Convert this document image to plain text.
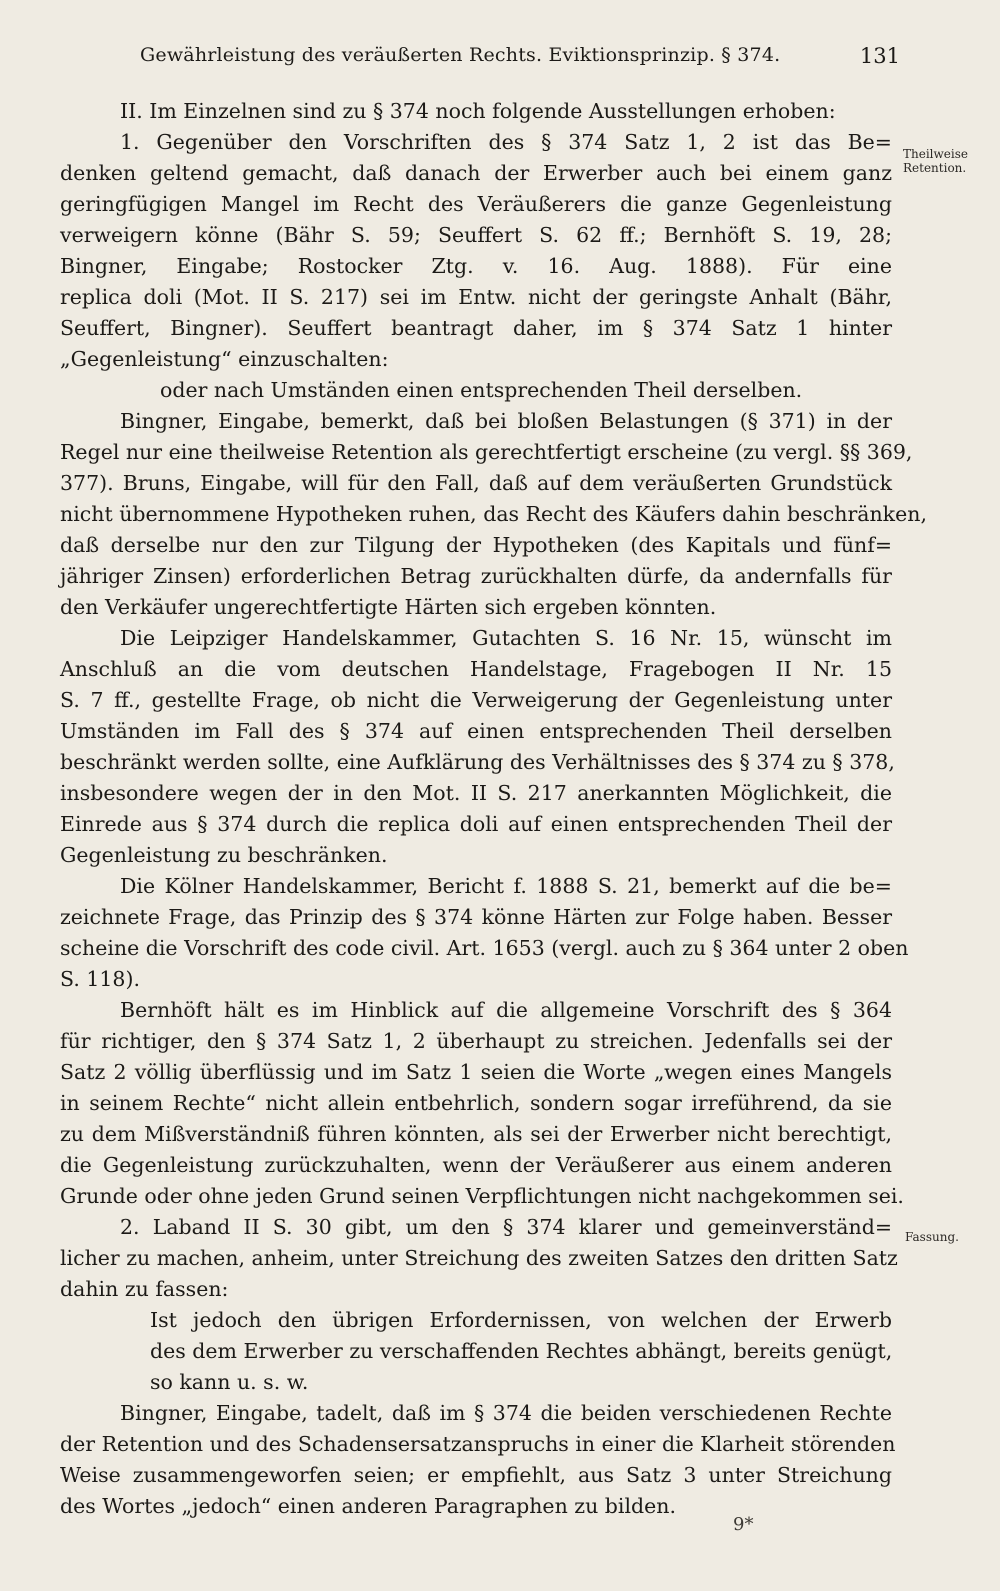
Gewährleistung des veräußerten Rechts. Eviktionsprinzip. § 374.	131
Theilweise
Retention.
Fassung.
II. Im Einzelnen sind zu § 374 noch folgende Ausstellungen erhoben:
1. Gegenüber den Vorschriften des § 374 Satz 1, 2 ist das Be=
denken geltend gemacht, daß danach der Erwerber auch bei einem ganz
geringfügigen Mangel im Recht des Veräußerers die ganze Gegenleistung
verweigern könne (Bähr S. 59; Seuffert S. 62 ff.; Bernhöft S. 19, 28;
Bingner, Eingabe; Rostocker Ztg. v. 16. Aug. 1888). Für eine
replica doli (Mot. II S. 217) sei im Entw. nicht der geringste Anhalt (Bähr,
Seuffert, Bingner). Seuffert beantragt daher, im § 374 Satz 1 hinter
„Gegenleistung“ einzuschalten:
oder nach Umständen einen entsprechenden Theil derselben.
Bingner, Eingabe, bemerkt, daß bei bloßen Belastungen (§ 371) in der
Regel nur eine theilweise Retention als gerechtfertigt erscheine (zu vergl. §§ 369,
377). Bruns, Eingabe, will für den Fall, daß auf dem veräußerten Grundstück
nicht übernommene Hypotheken ruhen, das Recht des Käufers dahin beschränken,
daß derselbe nur den zur Tilgung der Hypotheken (des Kapitals und fünf=
jähriger Zinsen) erforderlichen Betrag zurückhalten dürfe, da andernfalls für
den Verkäufer ungerechtfertigte Härten sich ergeben könnten.
Die Leipziger Handelskammer, Gutachten S. 16 Nr. 15, wünscht im
Anschluß an die vom deutschen Handelstage, Fragebogen II Nr. 15
S. 7 ff., gestellte Frage, ob nicht die Verweigerung der Gegenleistung unter
Umständen im Fall des § 374 auf einen entsprechenden Theil derselben
beschränkt werden sollte, eine Aufklärung des Verhältnisses des § 374 zu § 378,
insbesondere wegen der in den Mot. II S. 217 anerkannten Möglichkeit, die
Einrede aus § 374 durch die replica doli auf einen entsprechenden Theil der
Gegenleistung zu beschränken.
Die Kölner Handelskammer, Bericht f. 1888 S. 21, bemerkt auf die be=
zeichnete Frage, das Prinzip des § 374 könne Härten zur Folge haben. Besser
scheine die Vorschrift des code civil. Art. 1653 (vergl. auch zu § 364 unter 2 oben
S. 118).
Bernhöft hält es im Hinblick auf die allgemeine Vorschrift des § 364
für richtiger, den § 374 Satz 1, 2 überhaupt zu streichen. Jedenfalls sei der
Satz 2 völlig überflüssig und im Satz 1 seien die Worte „wegen eines Mangels
in seinem Rechte“ nicht allein entbehrlich, sondern sogar irreführend, da sie
zu dem Mißverständniß führen könnten, als sei der Erwerber nicht berechtigt,
die Gegenleistung zurückzuhalten, wenn der Veräußerer aus einem anderen
Grunde oder ohne jeden Grund seinen Verpflichtungen nicht nachgekommen sei.
2. Laband II S. 30 gibt, um den § 374 klarer und gemeinverständ=
licher zu machen, anheim, unter Streichung des zweiten Satzes den dritten Satz
dahin zu fassen:
Ist jedoch den übrigen Erfordernissen, von welchen der Erwerb
des dem Erwerber zu verschaffenden Rechtes abhängt, bereits genügt,
so kann u. s. w.
Bingner, Eingabe, tadelt, daß im § 374 die beiden verschiedenen Rechte
der Retention und des Schadensersatzanspruchs in einer die Klarheit störenden
Weise zusammengeworfen seien; er empfiehlt, aus Satz 3 unter Streichung
des Wortes „jedoch“ einen anderen Paragraphen zu bilden.
9*
